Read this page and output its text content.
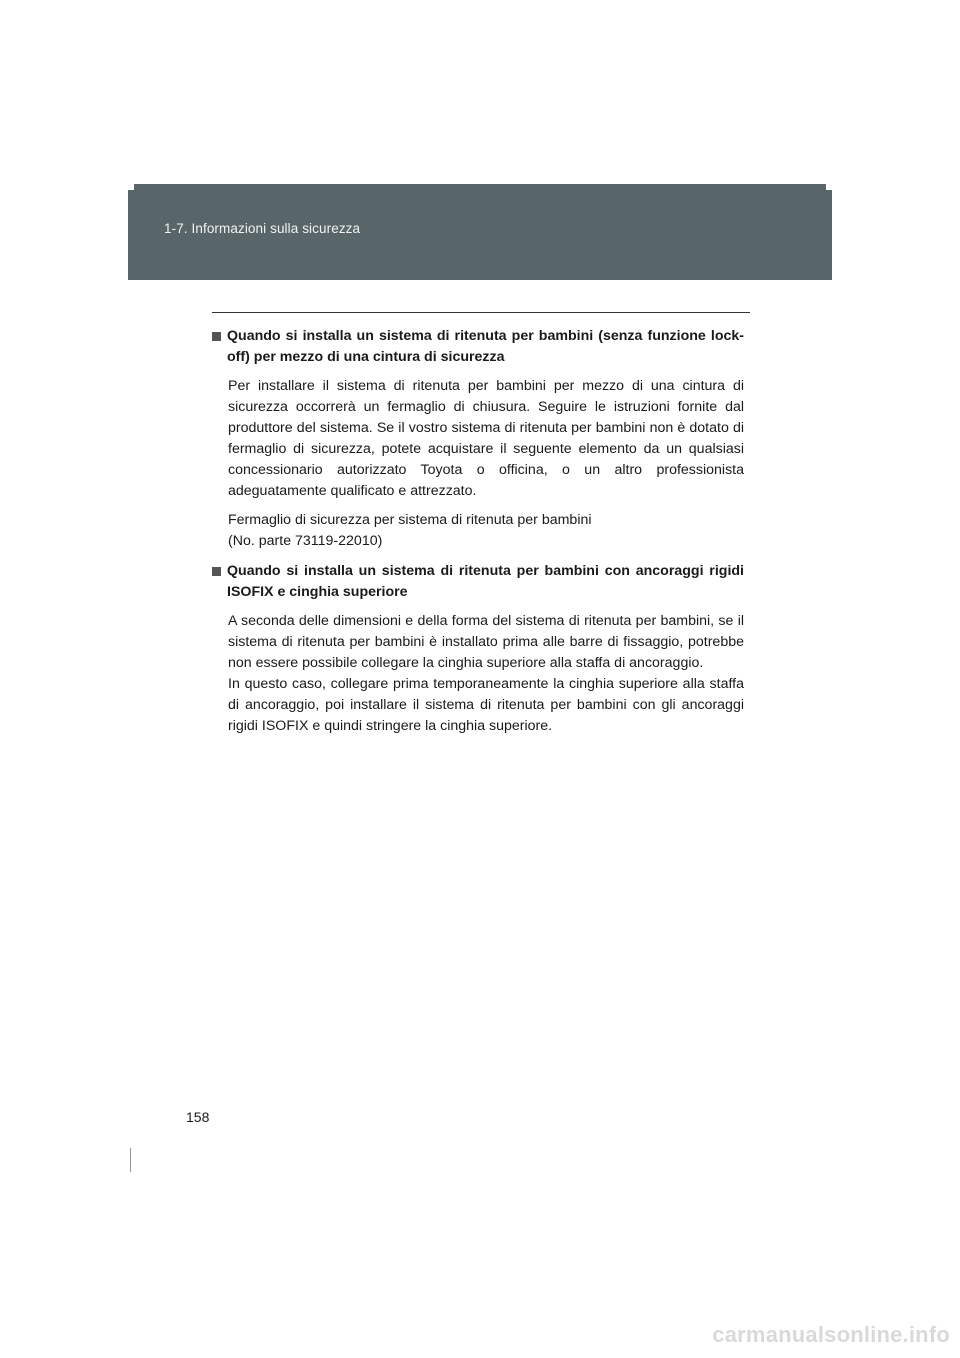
1-7. Informazioni sulla sicurezza
Quando si installa un sistema di ritenuta per bambini (senza funzione lock-off) per mezzo di una cintura di sicurezza

Per installare il sistema di ritenuta per bambini per mezzo di una cintura di sicurezza occorrerà un fermaglio di chiusura. Seguire le istruzioni fornite dal produttore del sistema. Se il vostro sistema di ritenuta per bambini non è dotato di fermaglio di sicurezza, potete acquistare il seguente elemento da un qualsiasi concessionario autorizzato Toyota o officina, o un altro professionista adeguatamente qualificato e attrezzato.

Fermaglio di sicurezza per sistema di ritenuta per bambini

(No. parte 73119-22010)

Quando si installa un sistema di ritenuta per bambini con ancoraggi rigidi ISOFIX e cinghia superiore

A seconda delle dimensioni e della forma del sistema di ritenuta per bambini, se il sistema di ritenuta per bambini è installato prima alle barre di fissaggio, potrebbe non essere possibile collegare la cinghia superiore alla staffa di ancoraggio.

In questo caso, collegare prima temporaneamente la cinghia superiore alla staffa di ancoraggio, poi installare il sistema di ritenuta per bambini con gli ancoraggi rigidi ISOFIX e quindi stringere la cinghia superiore.

158
carmanualsonline.info
